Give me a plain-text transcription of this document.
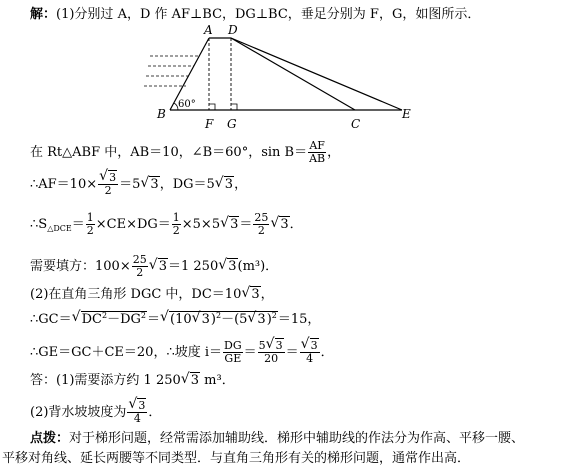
解：(1)分别过 A，D 作 AF⊥BC，DG⊥BC，垂足分别为 F，G，如图所示．
A D
B
F G	C
E
60°
在 Rt△ABF 中，AB＝10，∠B＝60°，$\sin B= \frac{AF}{AB}$ ，
∴AF＝10×
√ $\frac{3}{2} =5√$ 3，DG＝5√ 3，
$\therefore S_{\triangle DCE}= \frac{1}{2} \times CE\times DG= \frac{1}{2} \times 5\times 5√$ $3= \frac{25}{2}$
√ 3．
需要填方：$100\times \frac{25}{2}$
√ 3＝1 250√ 3(m³)．
(2)在直角三角形 DGC 中，DC＝10√ 3，
∴GC＝√ $DC^2-DG^2=√$ (10√ 3)$^2$－(5√ 3)$^2$＝15，
∴GE＝GC＋CE＝20，∴坡度 $i= \frac{DG}{GE} = \frac{5√ 3}{20}$ ＝
√ $\frac{3}{4}$ ．
答：(1)需要添方约 1 250√ 3 m³．
(2)背水坡坡度为
√ $\frac{3}{4}$ ．
点拨：对于梯形问题，经常需添加辅助线．梯形中辅助线的作法分为作高、平移一腰、
平移对角线、延长两腰等不同类型．与直角三角形有关的梯形问题，通常作出高．
